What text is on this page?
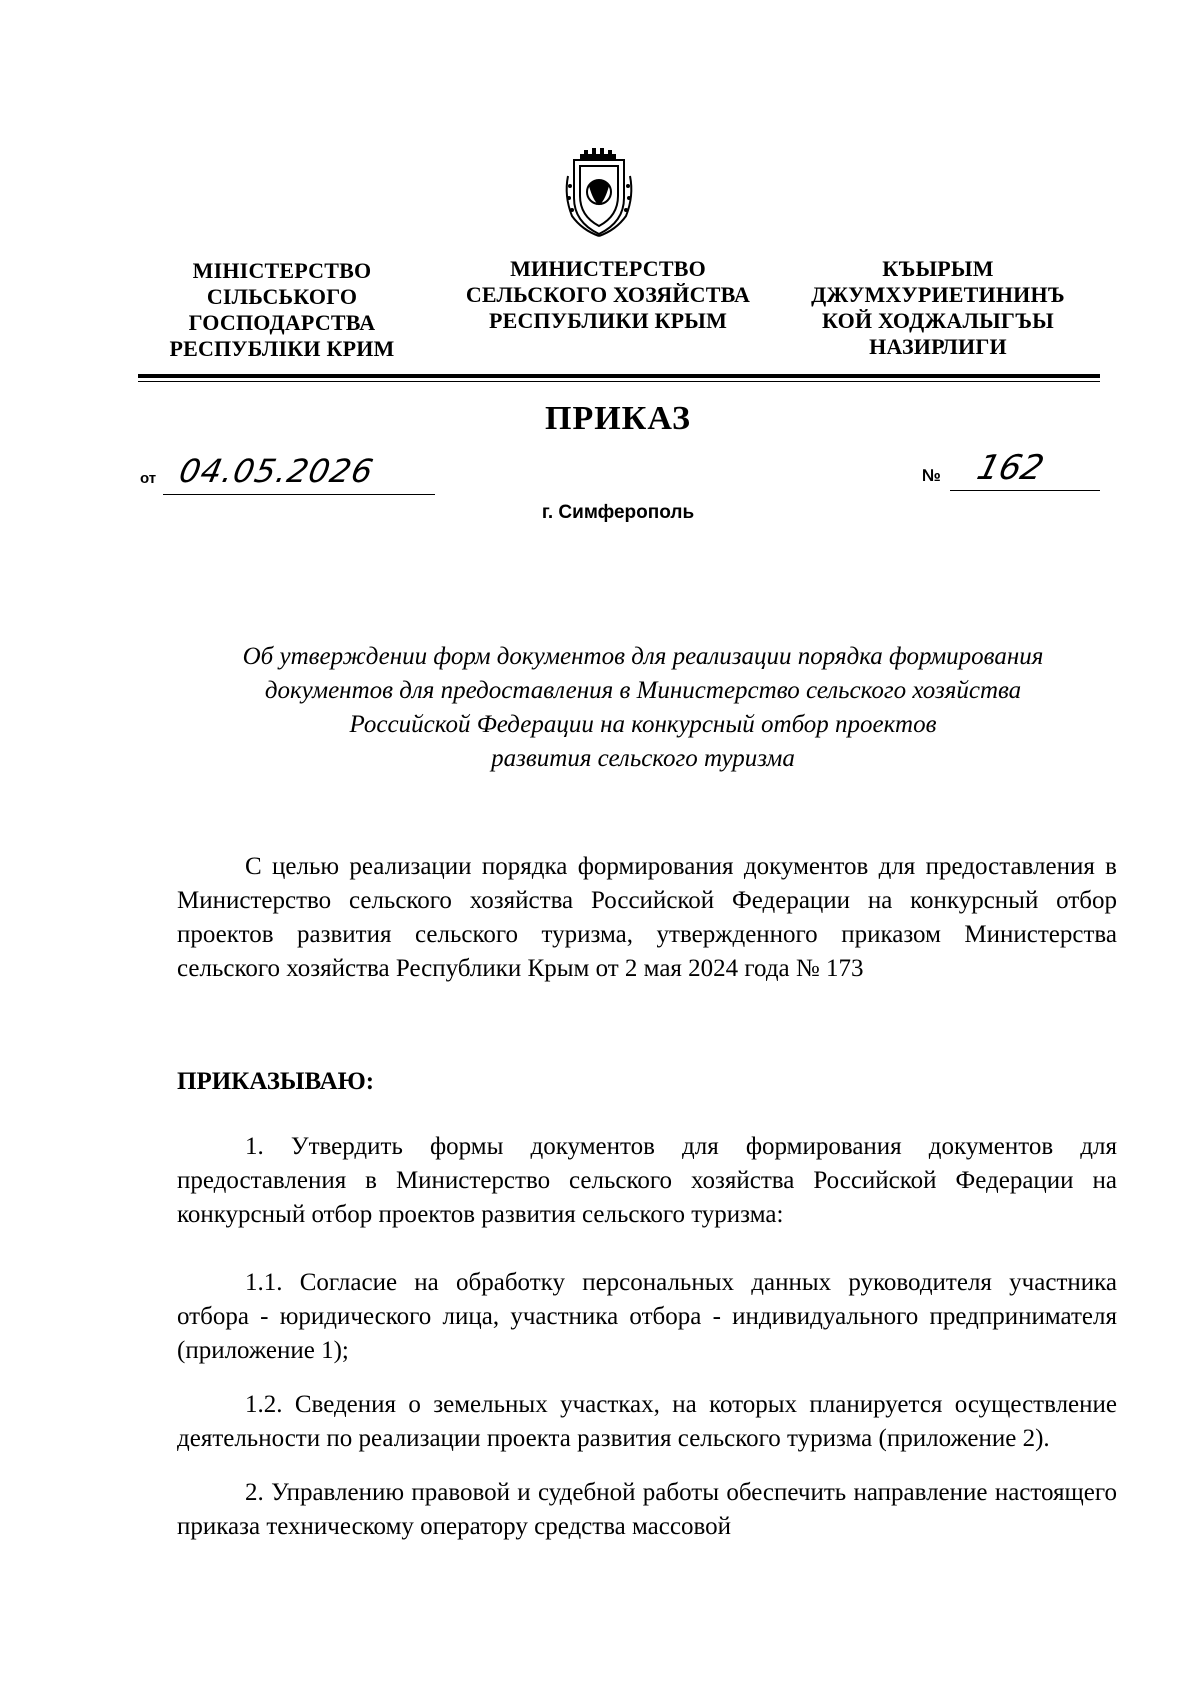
МІНІСТЕРСТВО
СІЛЬСЬКОГО
ГОСПОДАРСТВА
РЕСПУБЛІКИ КРИМ
МИНИСТЕРСТВО
СЕЛЬСКОГО ХОЗЯЙСТВА
РЕСПУБЛИКИ КРЫМ
КЪЫРЫМ
ДЖУМХУРИЕТИНИНЪ
КОЙ ХОДЖАЛЫГЪЫ
НАЗИРЛИГИ
ПРИКАЗ
от 04.05.2026	№ 162
г. Симферополь
Об утверждении форм документов для реализации порядка формирования
документов для предоставления в Министерство сельского хозяйства
Российской Федерации на конкурсный отбор проектов
развития сельского туризма
С целью реализации порядка формирования документов для предоставления в Министерство сельского хозяйства Российской Федерации на конкурсный отбор проектов развития сельского туризма, утвержденного приказом Министерства сельского хозяйства Республики Крым от 2 мая 2024 года № 173
ПРИКАЗЫВАЮ:
1. Утвердить формы документов для формирования документов для предоставления в Министерство сельского хозяйства Российской Федерации на конкурсный отбор проектов развития сельского туризма:
1.1. Согласие на обработку персональных данных руководителя участника отбора - юридического лица, участника отбора - индивидуального предпринимателя (приложение 1);
1.2. Сведения о земельных участках, на которых планируется осуществление деятельности по реализации проекта развития сельского туризма (приложение 2).
2. Управлению правовой и судебной работы обеспечить направление настоящего приказа техническому оператору средства массовой
